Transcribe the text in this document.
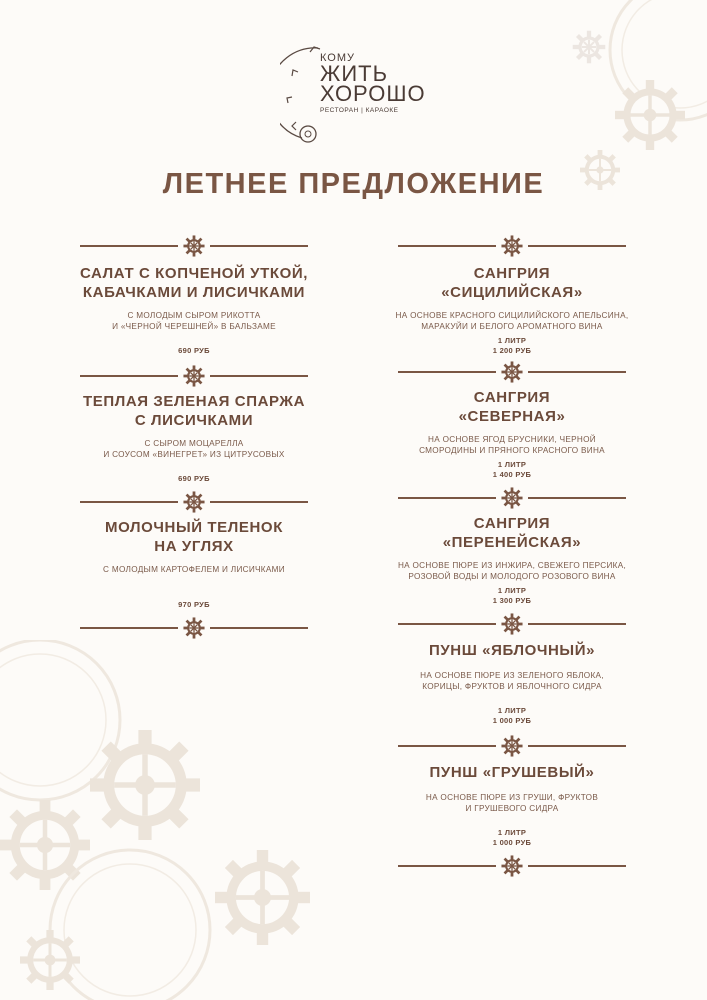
КОМУ
ЖИТЬ
ХОРОШО
РЕСТОРАН | КАРАОКЕ
ЛЕТНЕЕ ПРЕДЛОЖЕНИЕ

САЛАТ С КОПЧЕНОЙ УТКОЙ,

КАБАЧКАМИ И ЛИСИЧКАМИ

С МОЛОДЫМ СЫРОМ РИКОТТА

И «ЧЕРНОЙ ЧЕРЕШНЕЙ» В БАЛЬЗАМЕ

690 РУБ

ТЕПЛАЯ ЗЕЛЕНАЯ СПАРЖА

С ЛИСИЧКАМИ

С СЫРОМ МОЦАРЕЛЛА

И СОУСОМ «ВИНЕГРЕТ» ИЗ ЦИТРУСОВЫХ

690 РУБ

МОЛОЧНЫЙ ТЕЛЕНОК

НА УГЛЯХ

С МОЛОДЫМ КАРТОФЕЛЕМ И ЛИСИЧКАМИ

970 РУБ

САНГРИЯ

«СИЦИЛИЙСКАЯ»

НА ОСНОВЕ КРАСНОГО СИЦИЛИЙСКОГО АПЕЛЬСИНА,

МАРАКУЙИ И БЕЛОГО АРОМАТНОГО ВИНА

1 ЛИТР

1 200 РУБ

САНГРИЯ

«СЕВЕРНАЯ»

НА ОСНОВЕ ЯГОД БРУСНИКИ, ЧЕРНОЙ

СМОРОДИНЫ И ПРЯНОГО КРАСНОГО ВИНА

1 ЛИТР

1 400 РУБ

САНГРИЯ

«ПЕРЕНЕЙСКАЯ»

НА ОСНОВЕ ПЮРЕ ИЗ ИНЖИРА, СВЕЖЕГО ПЕРСИКА,

РОЗОВОЙ ВОДЫ И МОЛОДОГО РОЗОВОГО ВИНА

1 ЛИТР

1 300 РУБ

ПУНШ «ЯБЛОЧНЫЙ»

НА ОСНОВЕ ПЮРЕ ИЗ ЗЕЛЕНОГО ЯБЛОКА,

КОРИЦЫ, ФРУКТОВ И ЯБЛОЧНОГО СИДРА

1 ЛИТР

1 000 РУБ

ПУНШ «ГРУШЕВЫЙ»

НА ОСНОВЕ ПЮРЕ ИЗ ГРУШИ, ФРУКТОВ

И ГРУШЕВОГО СИДРА

1 ЛИТР

1 000 РУБ
